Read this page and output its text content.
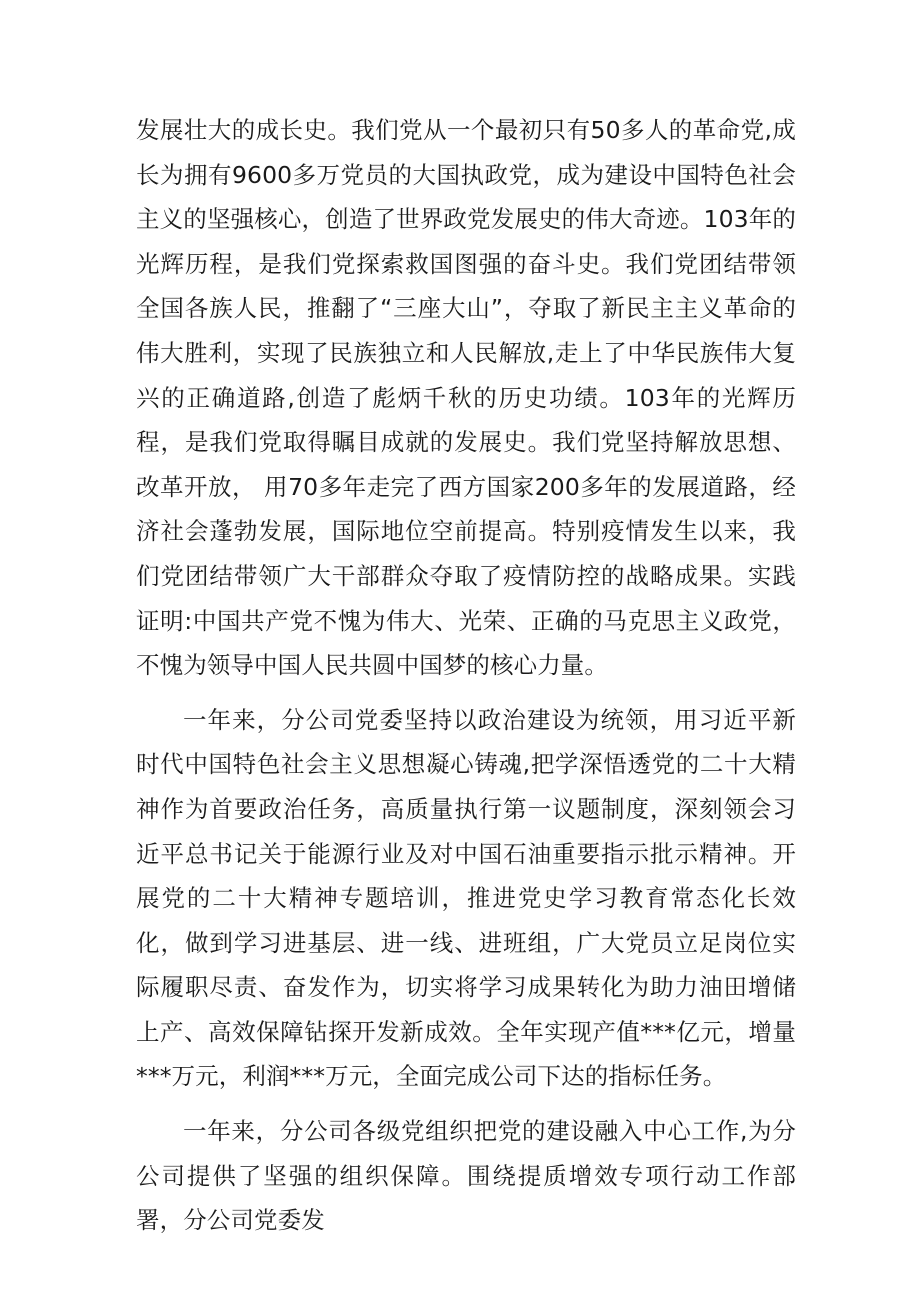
发展壮大的成长史。我们党从一个最初只有50多人的革命党,成长为拥有9600多万党员的大国执政党，成为建设中国特色社会主义的坚强核心，创造了世界政党发展史的伟大奇迹。103年的光辉历程，是我们党探索救国图强的奋斗史。我们党团结带领全国各族人民，推翻了“三座大山”，夺取了新民主主义革命的伟大胜利，实现了民族独立和人民解放,走上了中华民族伟大复兴的正确道路,创造了彪炳千秋的历史功绩。103年的光辉历程，是我们党取得瞩目成就的发展史。我们党坚持解放思想、改革开放， 用70多年走完了西方国家200多年的发展道路，经济社会蓬勃发展，国际地位空前提高。特别疫情发生以来，我们党团结带领广大干部群众夺取了疫情防控的战略成果。实践证明:中国共产党不愧为伟大、光荣、正确的马克思主义政党，不愧为领导中国人民共圆中国梦的核心力量。

一年来，分公司党委坚持以政治建设为统领，用习近平新时代中国特色社会主义思想凝心铸魂,把学深悟透党的二十大精神作为首要政治任务，高质量执行第一议题制度，深刻领会习近平总书记关于能源行业及对中国石油重要指示批示精神。开展党的二十大精神专题培训，推进党史学习教育常态化长效化，做到学习进基层、进一线、进班组，广大党员立足岗位实际履职尽责、奋发作为，切实将学习成果转化为助力油田增储上产、高效保障钻探开发新成效。全年实现产值***亿元，增量***万元，利润***万元，全面完成公司下达的指标任务。

一年来，分公司各级党组织把党的建设融入中心工作,为分公司提供了坚强的组织保障。围绕提质增效专项行动工作部署，分公司党委发
